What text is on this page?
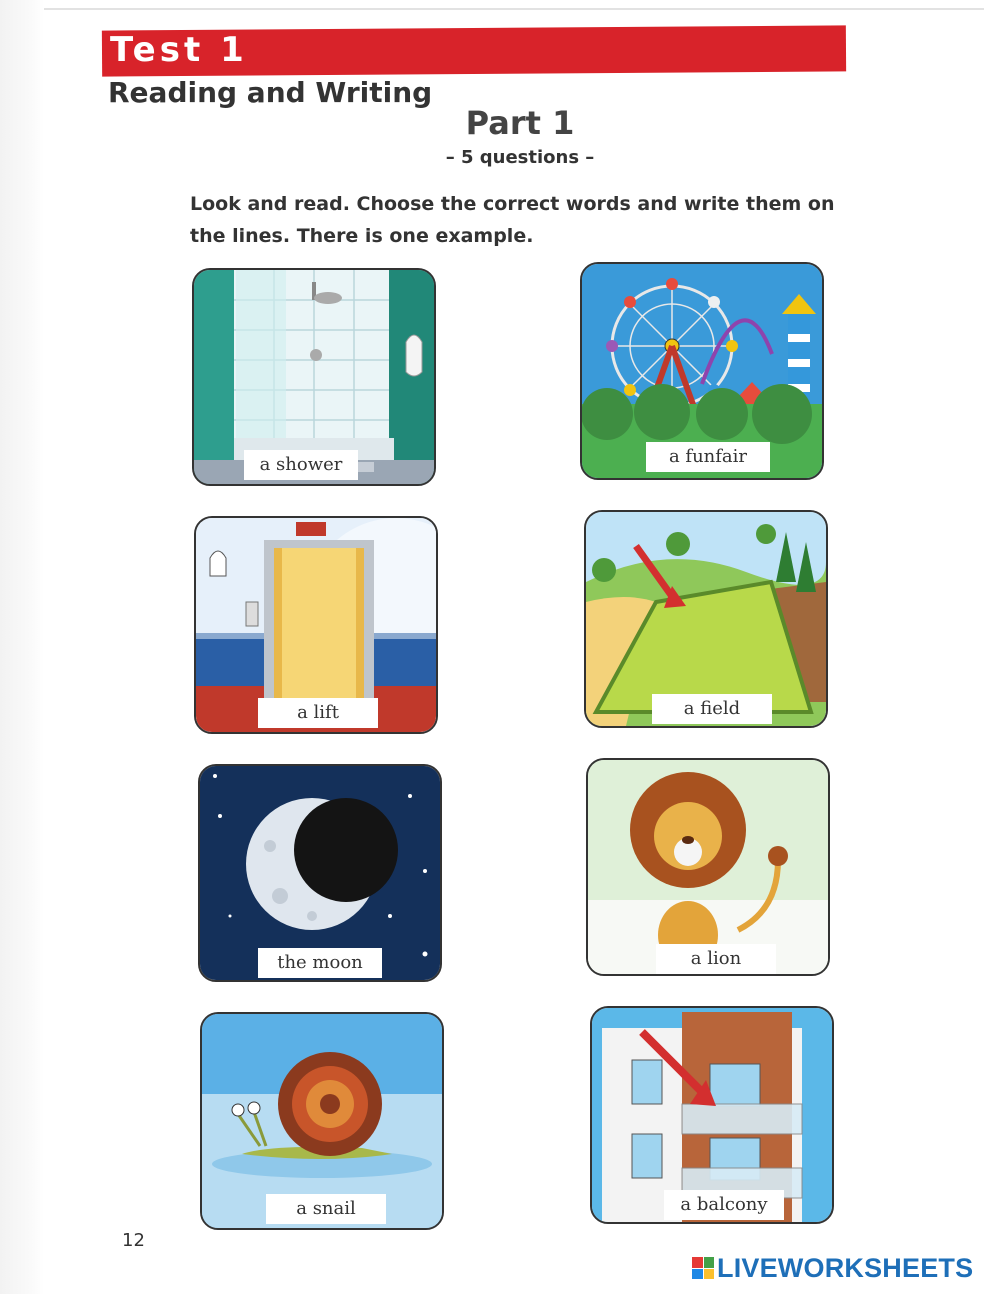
Test 1
Reading and Writing
Part 1
– 5 questions –
Look and read. Choose the correct words and write them on the lines. There is one example.
a shower	a funfair
a lift	a field
the moon	a lion
a snail	a balcony
12
LIVEWORKSHEETS
